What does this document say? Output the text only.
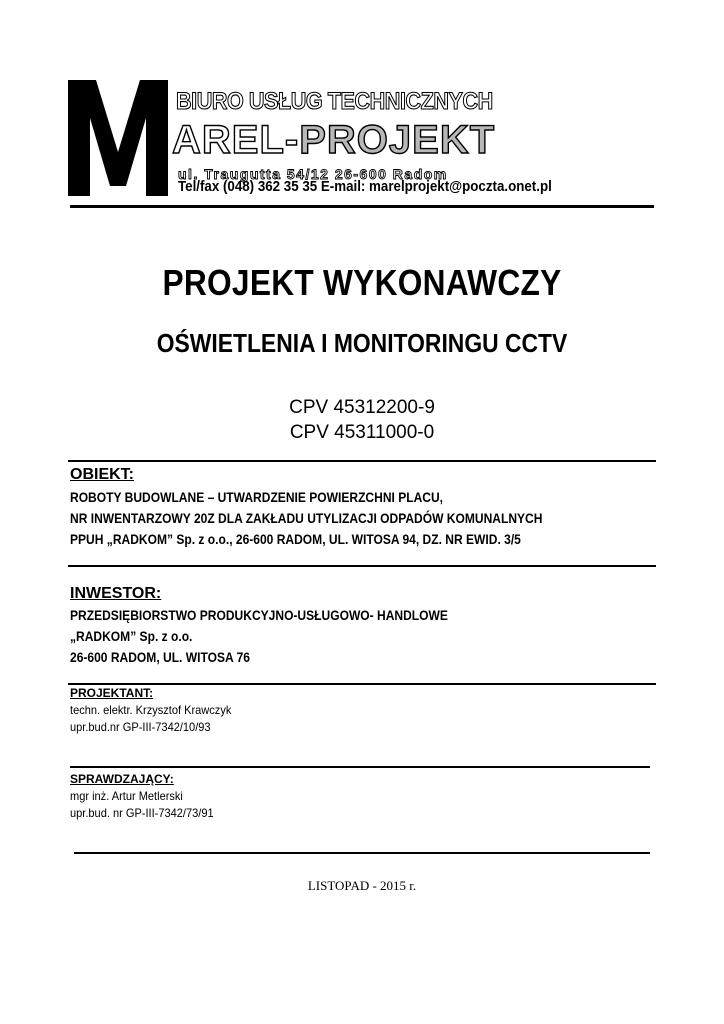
M
BIURO USŁUG TECHNICZNYCH
AREL-PROJEKT
ul. Traugutta 54/12 26-600 Radom
Tel/fax (048) 362 35 35 E-mail: marelprojekt@poczta.onet.pl
PROJEKT WYKONAWCZY
OŚWIETLENIA I MONITORINGU CCTV
CPV 45312200-9
CPV 45311000-0
OBIEKT:
ROBOTY BUDOWLANE – UTWARDZENIE POWIERZCHNI PLACU,
NR INWENTARZOWY 20Z DLA ZAKŁADU UTYLIZACJI ODPADÓW KOMUNALNYCH
PPUH „RADKOM” Sp. z o.o., 26-600 RADOM, UL. WITOSA 94, DZ. NR EWID. 3/5
INWESTOR:
PRZEDSIĘBIORSTWO PRODUKCYJNO-USŁUGOWO- HANDLOWE
„RADKOM” Sp. z o.o.
26-600 RADOM, UL. WITOSA 76
PROJEKTANT:
techn. elektr. Krzysztof Krawczyk
upr.bud.nr GP-III-7342/10/93
SPRAWDZAJĄCY:
mgr inż. Artur Metlerski
upr.bud. nr GP-III-7342/73/91
LISTOPAD - 2015 r.
